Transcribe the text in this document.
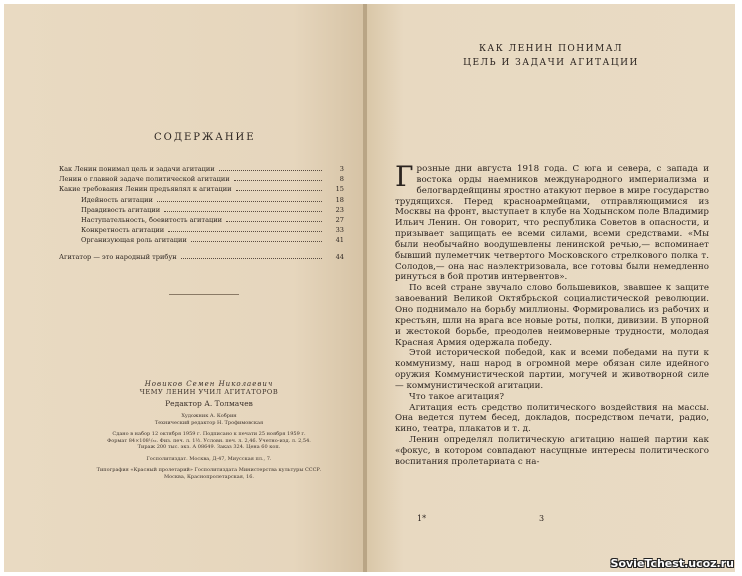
СОДЕРЖАНИЕ
Как Ленин понимал цель и задачи агитации	3
Ленин о главной задаче политической агитации	8
Какие требования Ленин предъявлял к агитации	15
Идейность агитации	18
Правдивость агитации	23
Наступательность, боевитость агитации	27
Конкретность агитации	33
Организующая роль агитации	41
Агитатор — это народный трибун	44
Новиков Семен Николаевич
ЧЕМУ ЛЕНИН УЧИЛ АГИТАТОРОВ
Редактор А. Толмачев
Художник А. Кобрин
Технический редактор Н. Трофимовская
Сдано в набор 12 октября 1959 г. Подписано к печати 25 ноября 1959 г.
Формат 84×108¹/₃₂. Физ. печ. л. 1½. Условн. печ. л. 2,46. Учетно-изд. л. 2,54.
Тираж 200 тыс. экз. А 08649. Заказ 324. Цена 60 коп.
Госполитиздат. Москва, Д-47, Миусская пл., 7.
Типография «Красный пролетарий» Госполитиздата Министерства культуры СССР.
Москва, Краснопролетарская, 16.
КАК ЛЕНИН ПОНИМАЛ
ЦЕЛЬ И ЗАДАЧИ АГИТАЦИИ

Грозные дни августа 1918 года. С юга и севера, с запада и востока орды наемников международного империализма и белогвардейщины яростно атакуют первое в мире государство трудящихся. Перед красноармейцами, отправляющимися из Москвы на фронт, выступает в клубе на Ходынском поле Владимир Ильич Ленин. Он говорит, что республика Советов в опасности, и призывает защищать ее всеми силами, всеми средствами. «Мы были необычайно воодушевлены ленинской речью,— вспоминает бывший пулеметчик четвертого Московского стрелкового полка т. Солодов,— она нас наэлектризовала, все готовы были немедленно ринуться в бой против интервентов».

По всей стране звучало слово большевиков, звавшее к защите завоеваний Великой Октябрьской социалистической революции. Оно поднимало на борьбу миллионы. Формировались из рабочих и крестьян, шли на врага все новые роты, полки, дивизии. В упорной и жестокой борьбе, преодолев неимоверные трудности, молодая Красная Армия одержала победу.

Этой исторической победой, как и всеми победами на пути к коммунизму, наш народ в огромной мере обязан силе идейного оружия Коммунистической партии, могучей и животворной силе — коммунистической агитации.

Что такое агитация?

Агитация есть средство политического воздействия на массы. Она ведется путем бесед, докладов, посредством печати, радио, кино, театра, плакатов и т. д.

Ленин определял политическую агитацию нашей партии как «фокус, в котором совпадают насущные интересы политического воспитания пролетариата с на-

1*	3
SovieTchest.ucoz.ru
